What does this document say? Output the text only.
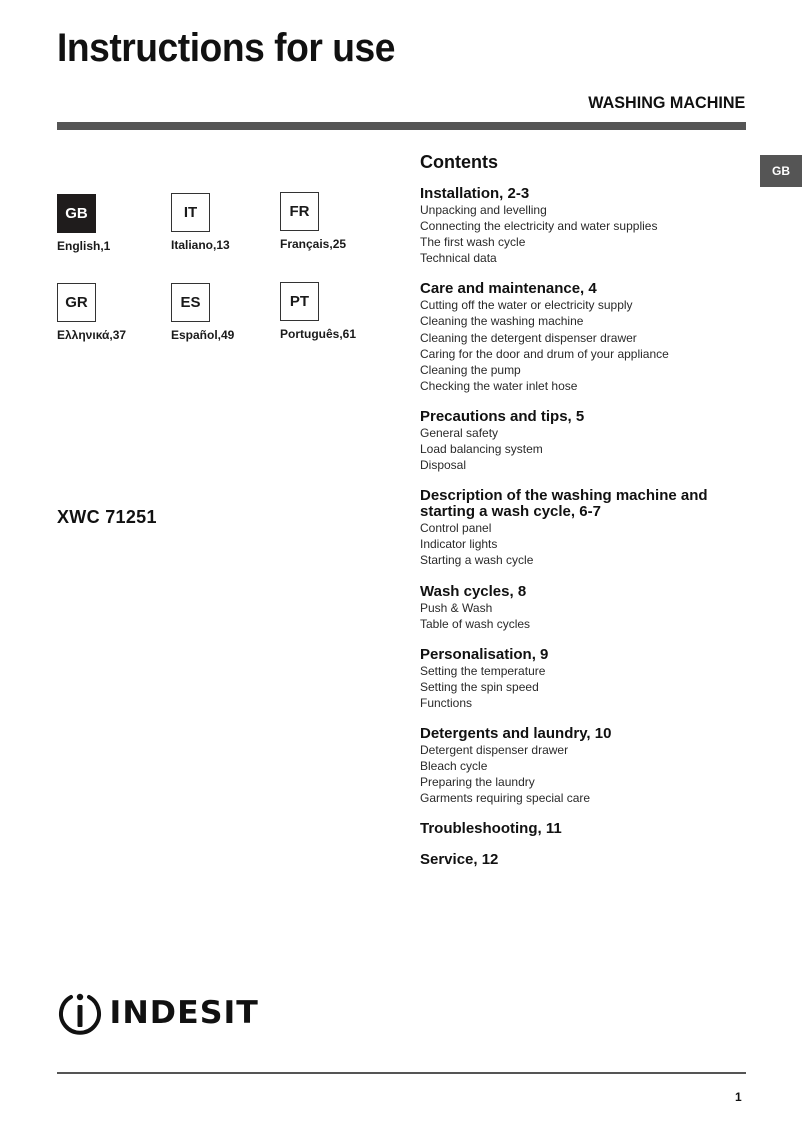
Instructions for use
WASHING MACHINE
GB
GB
English,1
IT
Italiano,13
FR
Français,25
GR
Ελληνικά,37
ES
Español,49
PT
Português,61
XWC 71251
Contents
Installation, 2-3
Unpacking and levelling
Connecting the electricity and water supplies
The first wash cycle
Technical data
Care and maintenance, 4
Cutting off the water or electricity supply
Cleaning the washing machine
Cleaning the detergent dispenser drawer
Caring for the door and drum of your appliance
Cleaning the pump
Checking the water inlet hose
Precautions and tips, 5
General safety
Load balancing system
Disposal
Description of the washing machine and starting a wash cycle, 6-7
Control panel
Indicator lights
Starting a wash cycle
Wash cycles, 8
Push & Wash
Table of wash cycles
Personalisation, 9
Setting the temperature
Setting the spin speed
Functions
Detergents and laundry, 10
Detergent dispenser drawer
Bleach cycle
Preparing the laundry
Garments requiring special care
Troubleshooting, 11
Service, 12
INDESIT
1
